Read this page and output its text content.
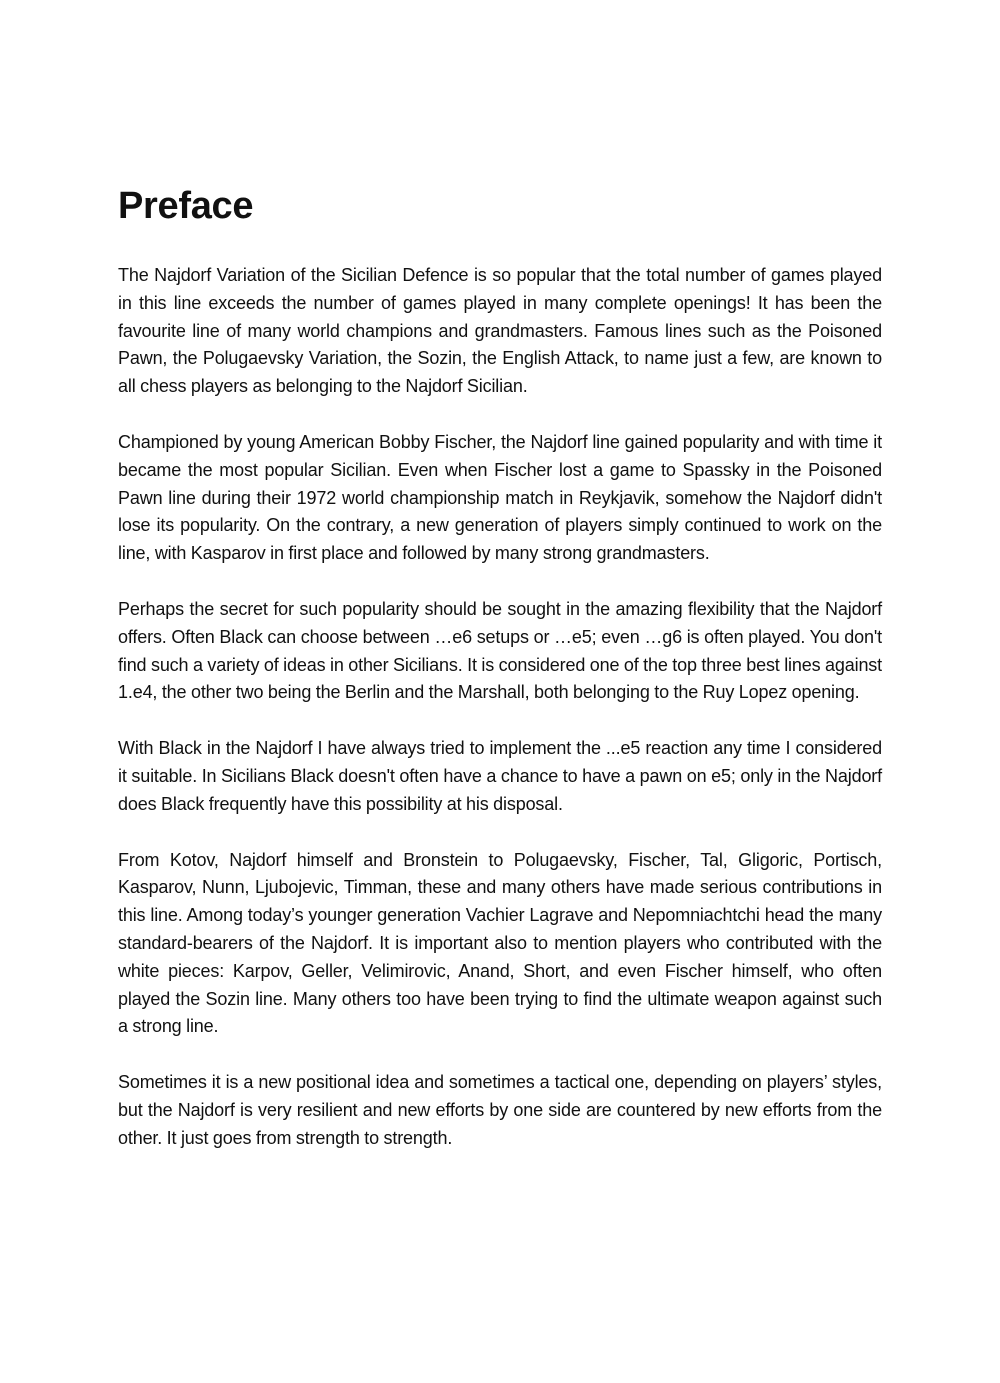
Preface

The Najdorf Variation of the Sicilian Defence is so popular that the total number of games played in this line exceeds the number of games played in many complete openings! It has been the favourite line of many world champions and grandmasters. Famous lines such as the Poisoned Pawn, the Polugaevsky Variation, the Sozin, the English Attack, to name just a few, are known to all chess players as belonging to the Najdorf Sicilian.

Championed by young American Bobby Fischer, the Najdorf line gained popularity and with time it became the most popular Sicilian. Even when Fischer lost a game to Spassky in the Poisoned Pawn line during their 1972 world championship match in Reykjavik, somehow the Najdorf didn't lose its popularity. On the contrary, a new generation of players simply continued to work on the line, with Kasparov in first place and followed by many strong grandmasters.

Perhaps the secret for such popularity should be sought in the amazing flexibility that the Najdorf offers. Often Black can choose between …e6 setups or …e5; even …g6 is often played. You don't find such a variety of ideas in other Sicilians. It is considered one of the top three best lines against 1.e4, the other two being the Berlin and the Marshall, both belonging to the Ruy Lopez opening.

With Black in the Najdorf I have always tried to implement the ...e5 reaction any time I considered it suitable. In Sicilians Black doesn't often have a chance to have a pawn on e5; only in the Najdorf does Black frequently have this possibility at his disposal.

From Kotov, Najdorf himself and Bronstein to Polugaevsky, Fischer, Tal, Gligoric, Portisch, Kasparov, Nunn, Ljubojevic, Timman, these and many others have made serious contributions in this line. Among today’s younger generation Vachier Lagrave and Nepomniachtchi head the many standard-bearers of the Najdorf. It is important also to mention players who contributed with the white pieces: Karpov, Geller, Velimirovic, Anand, Short, and even Fischer himself, who often played the Sozin line. Many others too have been trying to find the ultimate weapon against such a strong line.

Sometimes it is a new positional idea and sometimes a tactical one, depending on players’ styles, but the Najdorf is very resilient and new efforts by one side are countered by new efforts from the other. It just goes from strength to strength.
